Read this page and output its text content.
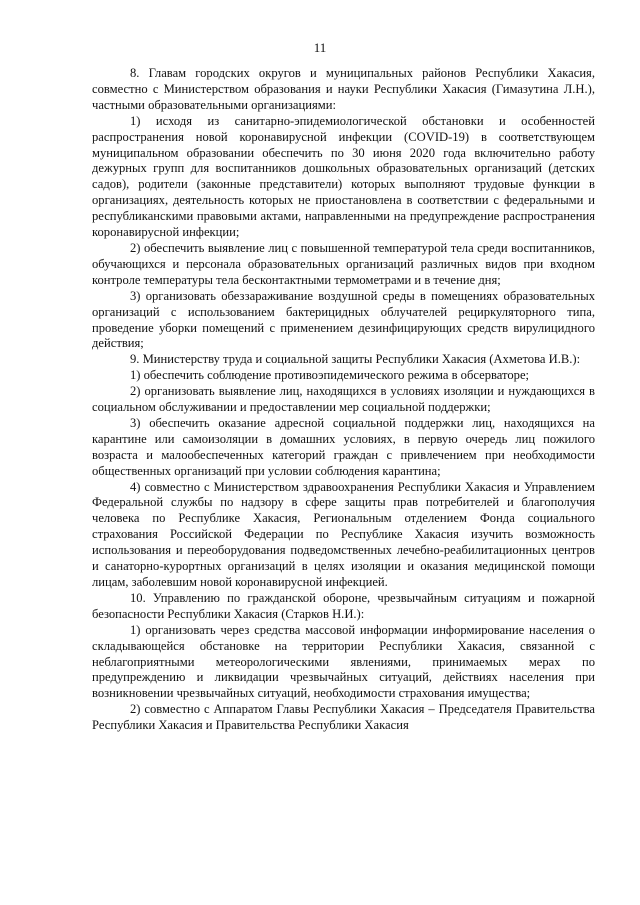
11

8. Главам городских округов и муниципальных районов Республики Хакасия, совместно с Министерством образования и науки Республики Хакасия (Гимазутина Л.Н.), частными образовательными организациями:

1) исходя из санитарно-эпидемиологической обстановки и особенностей распространения новой коронавирусной инфекции (COVID-19) в соответствующем муниципальном образовании обеспечить по 30 июня 2020 года включительно работу дежурных групп для воспитанников дошкольных образовательных организаций (детских садов), родители (законные представители) которых выполняют трудовые функции в организациях, деятельность которых не приостановлена в соответствии с федеральными и республиканскими правовыми актами, направленными на предупреждение распространения коронавирусной инфекции;

2) обеспечить выявление лиц с повышенной температурой тела среди воспитанников, обучающихся и персонала образовательных организаций различных видов при входном контроле температуры тела бесконтактными термометрами и в течение дня;

3) организовать обеззараживание воздушной среды в помещениях образовательных организаций с использованием бактерицидных облучателей рециркуляторного типа, проведение уборки помещений с применением дезинфицирующих средств вирулицидного действия;

9. Министерству труда и социальной защиты Республики Хакасия (Ахметова И.В.):

1) обеспечить соблюдение противоэпидемического режима в обсерваторе;

2) организовать выявление лиц, находящихся в условиях изоляции и нуждающихся в социальном обслуживании и предоставлении мер социальной поддержки;

3) обеспечить оказание адресной социальной поддержки лиц, находящихся на карантине или самоизоляции в домашних условиях, в первую очередь лиц пожилого возраста и малообеспеченных категорий граждан с привлечением при необходимости общественных организаций при условии соблюдения карантина;

4) совместно с Министерством здравоохранения Республики Хакасия и Управлением Федеральной службы по надзору в сфере защиты прав потребителей и благополучия человека по Республике Хакасия, Региональным отделением Фонда социального страхования Российской Федерации по Республике Хакасия изучить возможность использования и переоборудования подведомственных лечебно-реабилитационных центров и санаторно-курортных организаций в целях изоляции и оказания медицинской помощи лицам, заболевшим новой коронавирусной инфекцией.

10. Управлению по гражданской обороне, чрезвычайным ситуациям и пожарной безопасности Республики Хакасия (Старков Н.И.):

1) организовать через средства массовой информации информирование населения о складывающейся обстановке на территории Республики Хакасия, связанной с неблагоприятными метеорологическими явлениями, принимаемых мерах по предупреждению и ликвидации чрезвычайных ситуаций, действиях населения при возникновении чрезвычайных ситуаций, необходимости страхования имущества;

2) совместно с Аппаратом Главы Республики Хакасия – Председателя Правительства Республики Хакасия и Правительства Республики Хакасия
